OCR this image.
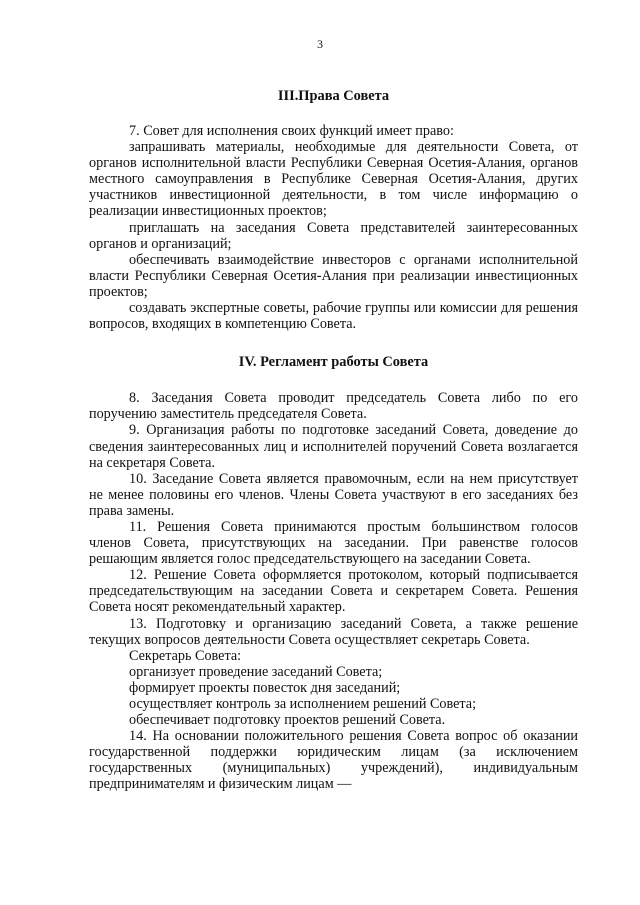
3
III.Права Совета

7. Совет для исполнения своих функций имеет право:

запрашивать материалы, необходимые для деятельности Совета, от органов исполнительной власти Республики Северная Осетия-Алания, органов местного самоуправления в Республике Северная Осетия-Алания, других участников инвестиционной деятельности, в том числе информацию о реализации инвестиционных проектов;

приглашать на заседания Совета представителей заинтересованных органов и организаций;

обеспечивать взаимодействие инвесторов с органами исполнительной власти Республики Северная Осетия-Алания при реализации инвестиционных проектов;

создавать экспертные советы, рабочие группы или комиссии для решения вопросов, входящих в компетенцию Совета.

IV. Регламент работы Совета

8. Заседания Совета проводит председатель Совета либо по его поручению заместитель председателя Совета.

9. Организация работы по подготовке заседаний Совета, доведение до сведения заинтересованных лиц и исполнителей поручений Совета возлагается на секретаря Совета.

10. Заседание Совета является правомочным, если на нем присутствует не менее половины его членов. Члены Совета участвуют в его заседаниях без права замены.

11. Решения Совета принимаются простым большинством голосов членов Совета, присутствующих на заседании. При равенстве голосов решающим является голос председательствующего на заседании Совета.

12. Решение Совета оформляется протоколом, который подписывается председательствующим на заседании Совета и секретарем Совета. Решения Совета носят рекомендательный характер.

13. Подготовку и организацию заседаний Совета, а также решение текущих вопросов деятельности Совета осуществляет секретарь Совета.

Секретарь Совета:

организует проведение заседаний Совета;

формирует проекты повесток дня заседаний;

осуществляет контроль за исполнением решений Совета;

обеспечивает подготовку проектов решений Совета.

14. На основании положительного решения Совета вопрос об оказании государственной поддержки юридическим лицам (за исключением государственных (муниципальных) учреждений), индивидуальным предпринимателям и физическим лицам —
